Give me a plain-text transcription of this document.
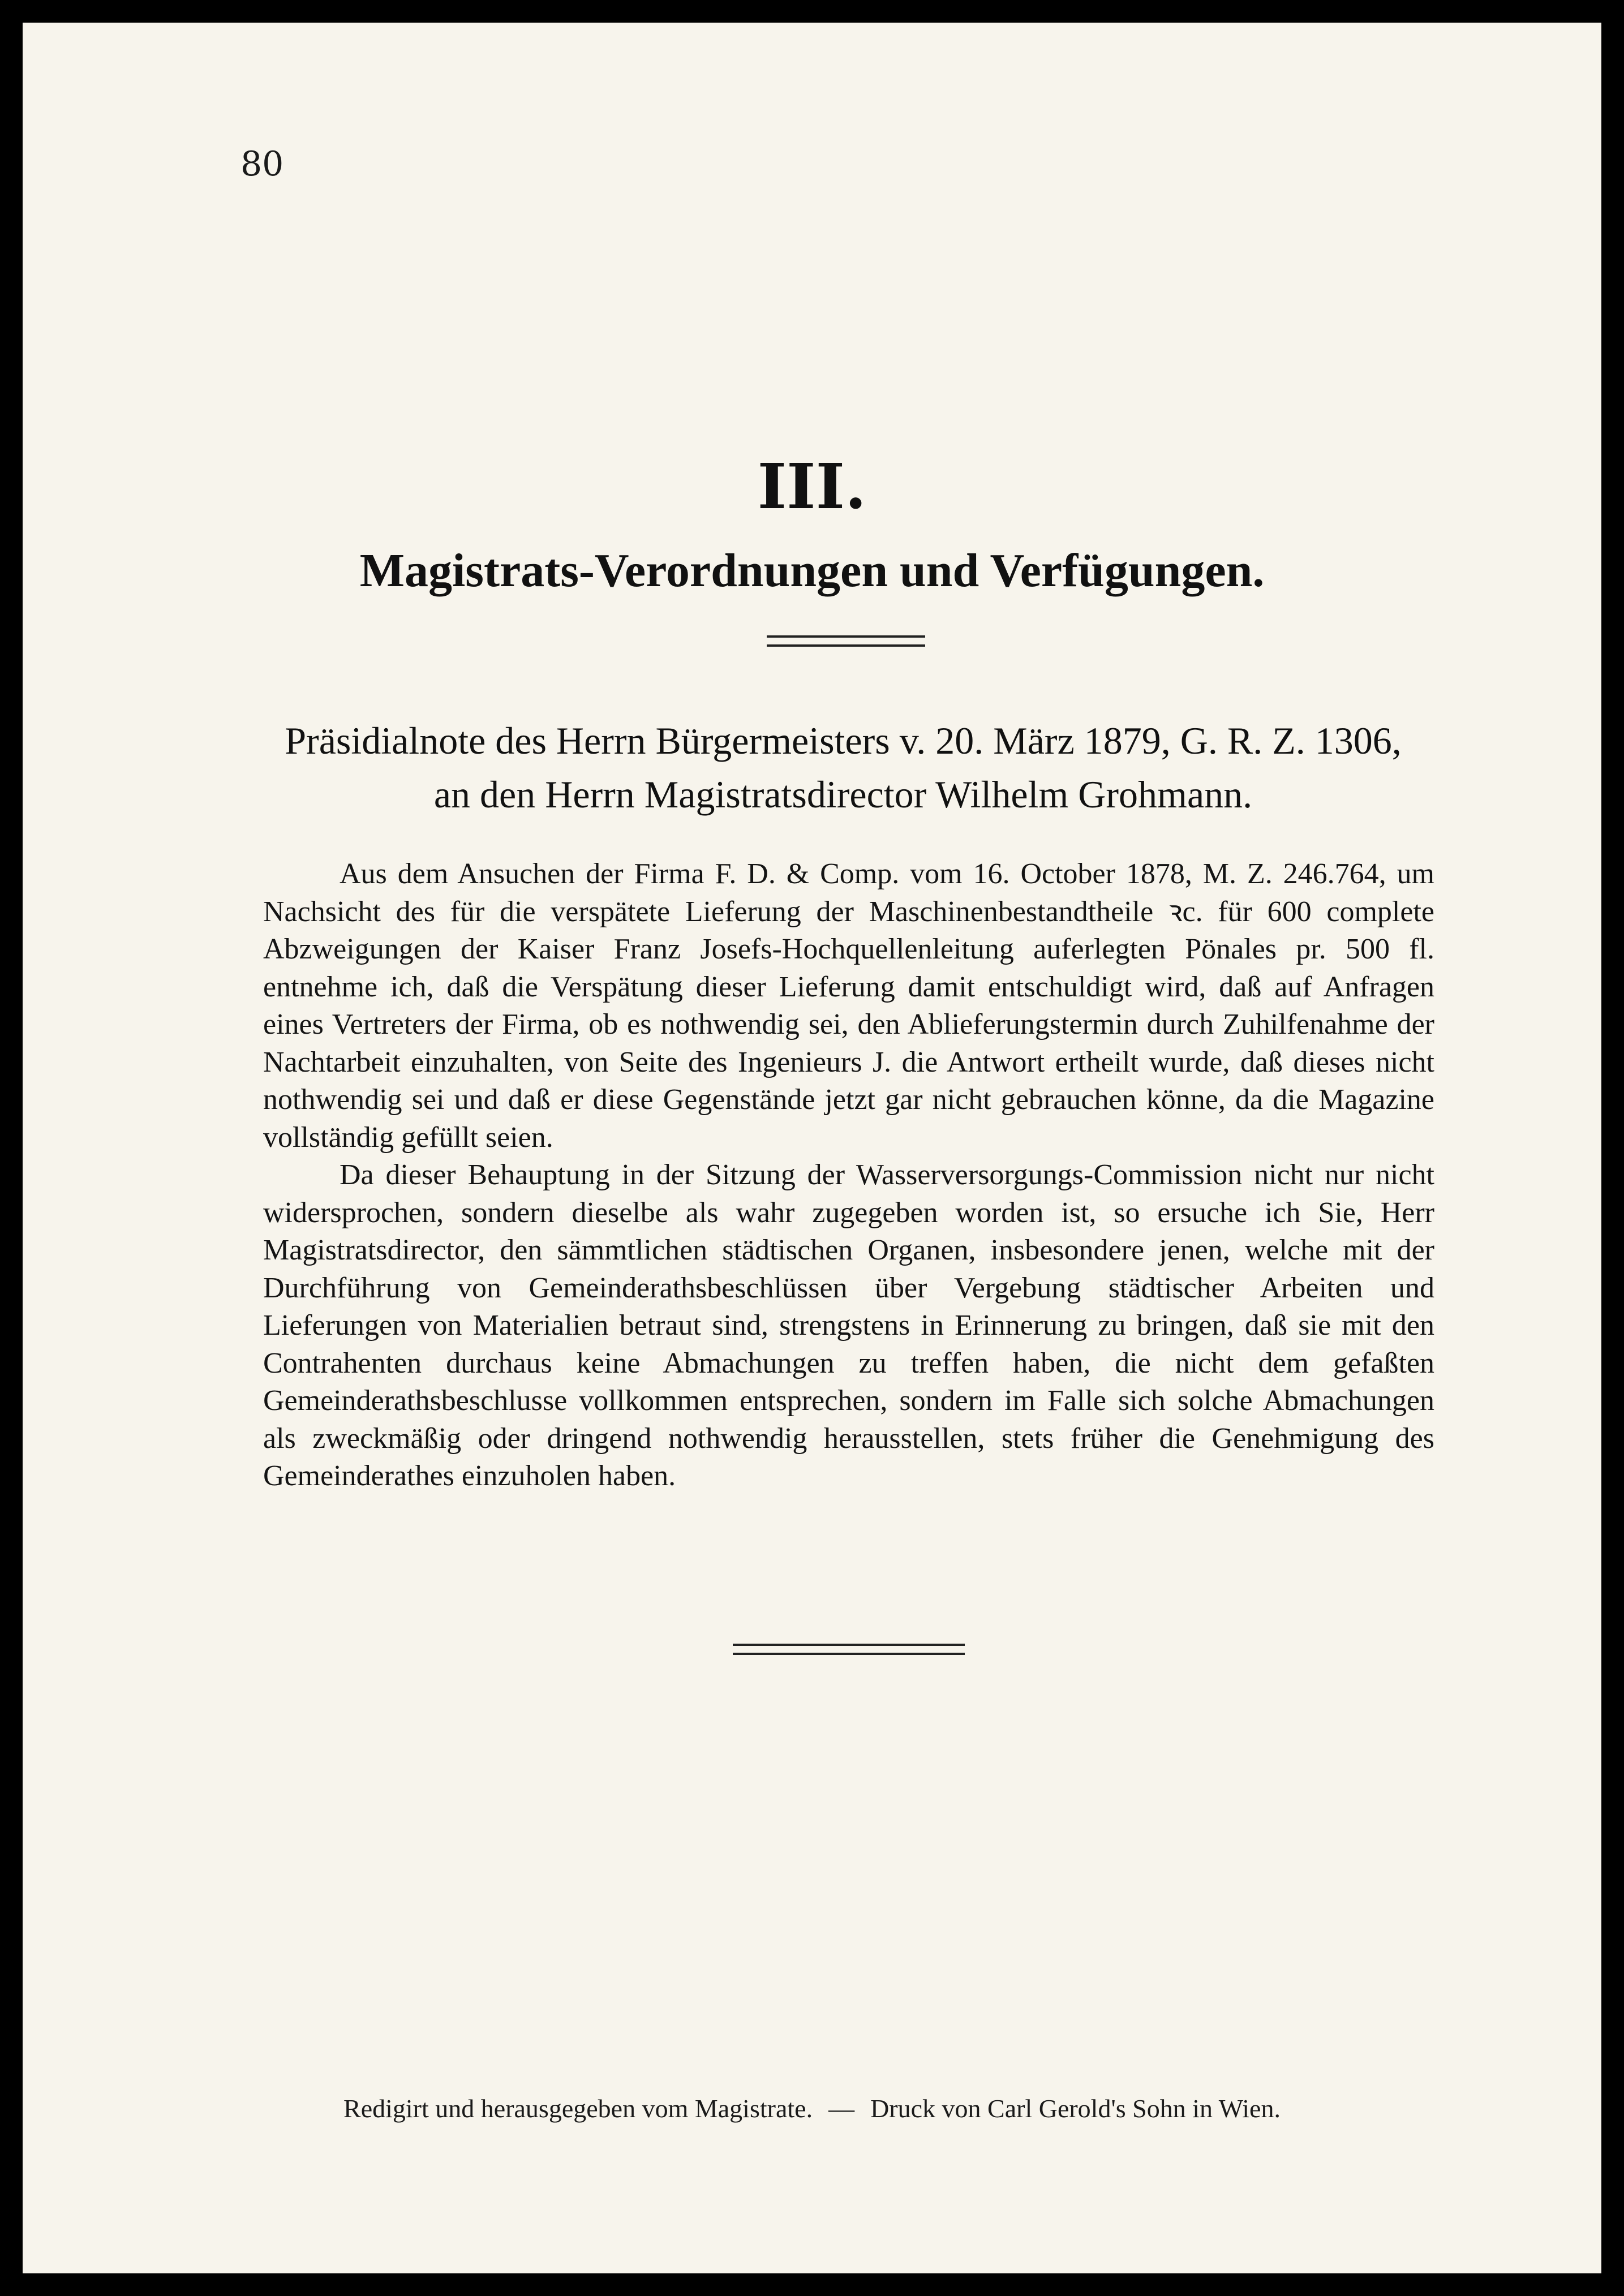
80
III.
Magistrats-Verordnungen und Verfügungen.
Präsidialnote des Herrn Bürgermeisters v. 20. März 1879, G. R. Z. 1306,
an den Herrn Magistratsdirector Wilhelm Grohmann.

Aus dem Ansuchen der Firma F. D. & Comp. vom 16. October 1878, M. Z. 246.764, um Nachsicht des für die verspätete Lieferung der Maschinenbestandtheile ꝛc. für 600 complete Abzweigungen der Kaiser Franz Josefs-Hochquellenleitung auferlegten Pönales pr. 500 fl. entnehme ich, daß die Verspätung dieser Lieferung damit entschuldigt wird, daß auf Anfragen eines Vertreters der Firma, ob es nothwendig sei, den Ablieferungstermin durch Zuhilfenahme der Nachtarbeit einzuhalten, von Seite des Ingenieurs J. die Antwort ertheilt wurde, daß dieses nicht nothwendig sei und daß er diese Gegenstände jetzt gar nicht gebrauchen könne, da die Magazine vollständig gefüllt seien.

Da dieser Behauptung in der Sitzung der Wasserversorgungs-Commission nicht nur nicht widersprochen, sondern dieselbe als wahr zugegeben worden ist, so ersuche ich Sie, Herr Magistratsdirector, den sämmtlichen städtischen Organen, insbesondere jenen, welche mit der Durchführung von Gemeinderathsbeschlüssen über Vergebung städtischer Arbeiten und Lieferungen von Materialien betraut sind, strengstens in Erinnerung zu bringen, daß sie mit den Contrahenten durchaus keine Abmachungen zu treffen haben, die nicht dem gefaßten Gemeinderathsbeschlusse vollkommen entsprechen, sondern im Falle sich solche Abmachungen als zweckmäßig oder dringend nothwendig herausstellen, stets früher die Genehmigung des Gemeinderathes einzuholen haben.

Redigirt und herausgegeben vom Magistrate. — Druck von Carl Gerold's Sohn in Wien.
